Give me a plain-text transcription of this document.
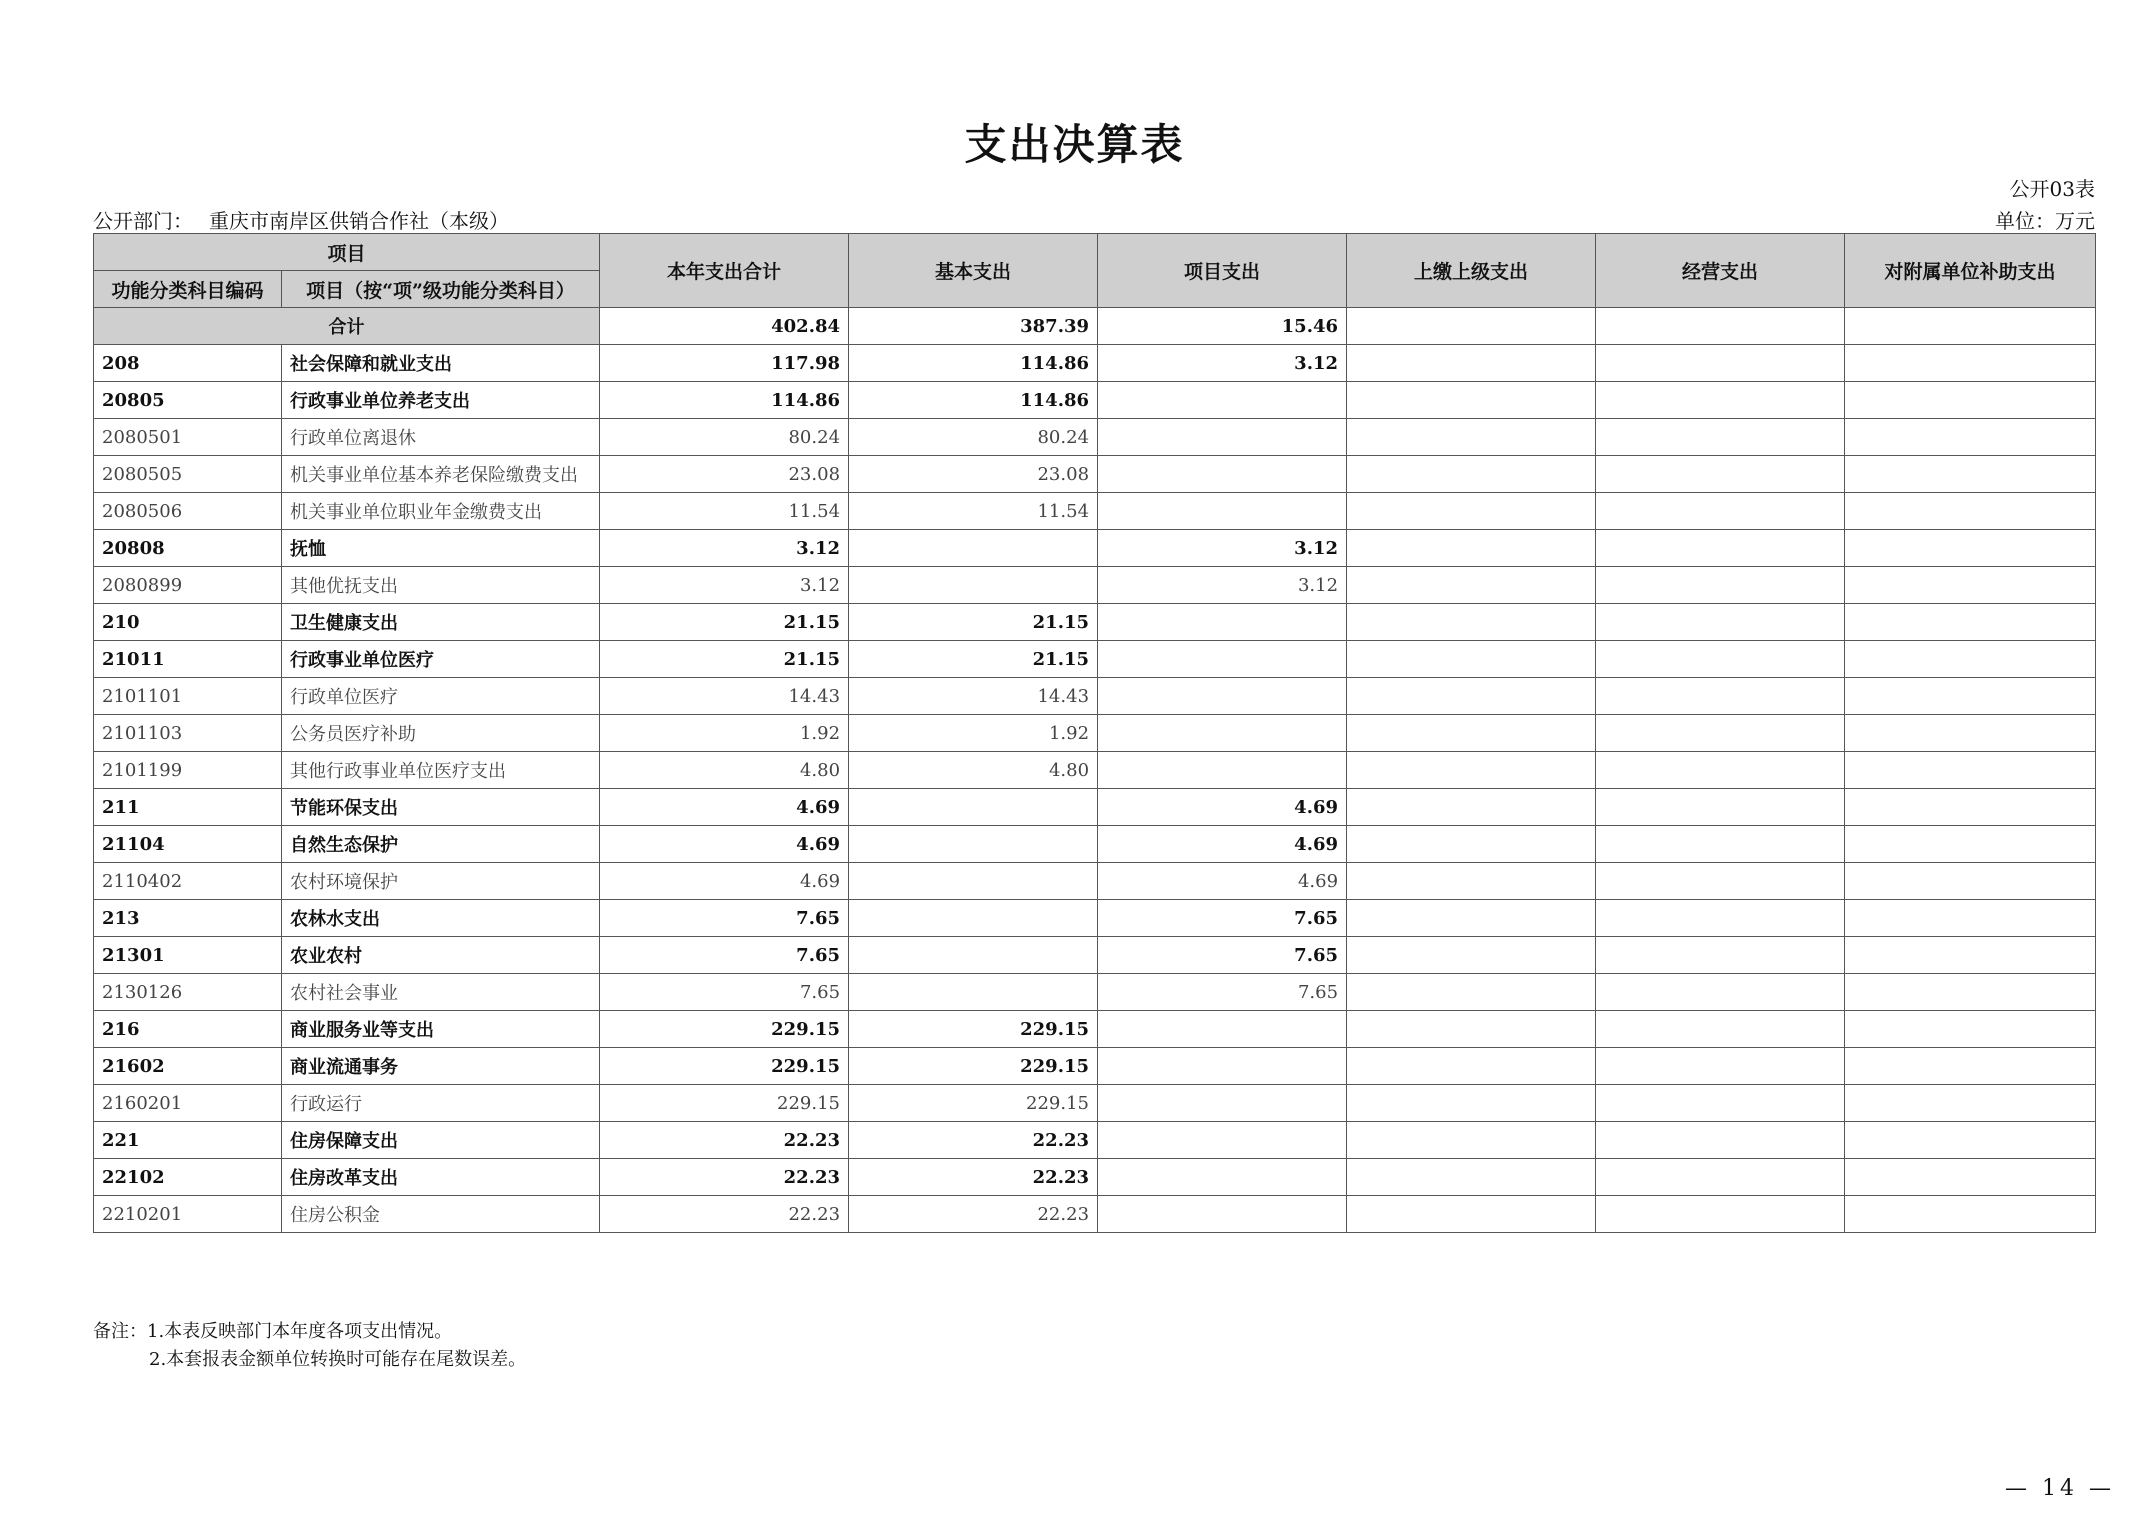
支出决算表
公开03表
公开部门： 重庆市南岸区供销合作社（本级）	单位：万元
项目		本年支出合计	基本支出	项目支出	上缴上级支出	经营支出	对附属单位补助支出
功能分类科目编码	项目（按“项”级功能分类科目）						
合计		402.84	387.39	15.46			
208	社会保障和就业支出	117.98	114.86	3.12			
20805	行政事业单位养老支出	114.86	114.86				
2080501	行政单位离退休	80.24	80.24				
2080505	机关事业单位基本养老保险缴费支出	23.08	23.08				
2080506	机关事业单位职业年金缴费支出	11.54	11.54				
20808	抚恤	3.12		3.12			
2080899	其他优抚支出	3.12		3.12			
210	卫生健康支出	21.15	21.15				
21011	行政事业单位医疗	21.15	21.15				
2101101	行政单位医疗	14.43	14.43				
2101103	公务员医疗补助	1.92	1.92				
2101199	其他行政事业单位医疗支出	4.80	4.80				
211	节能环保支出	4.69		4.69			
21104	自然生态保护	4.69		4.69			
2110402	农村环境保护	4.69		4.69			
213	农林水支出	7.65		7.65			
21301	农业农村	7.65		7.65			
2130126	农村社会事业	7.65		7.65			
216	商业服务业等支出	229.15	229.15				
21602	商业流通事务	229.15	229.15				
2160201	行政运行	229.15	229.15				
221	住房保障支出	22.23	22.23				
22102	住房改革支出	22.23	22.23				
2210201	住房公积金	22.23	22.23				
备注：1.本表反映部门本年度各项支出情况。
2.本套报表金额单位转换时可能存在尾数误差。
— 14 —
